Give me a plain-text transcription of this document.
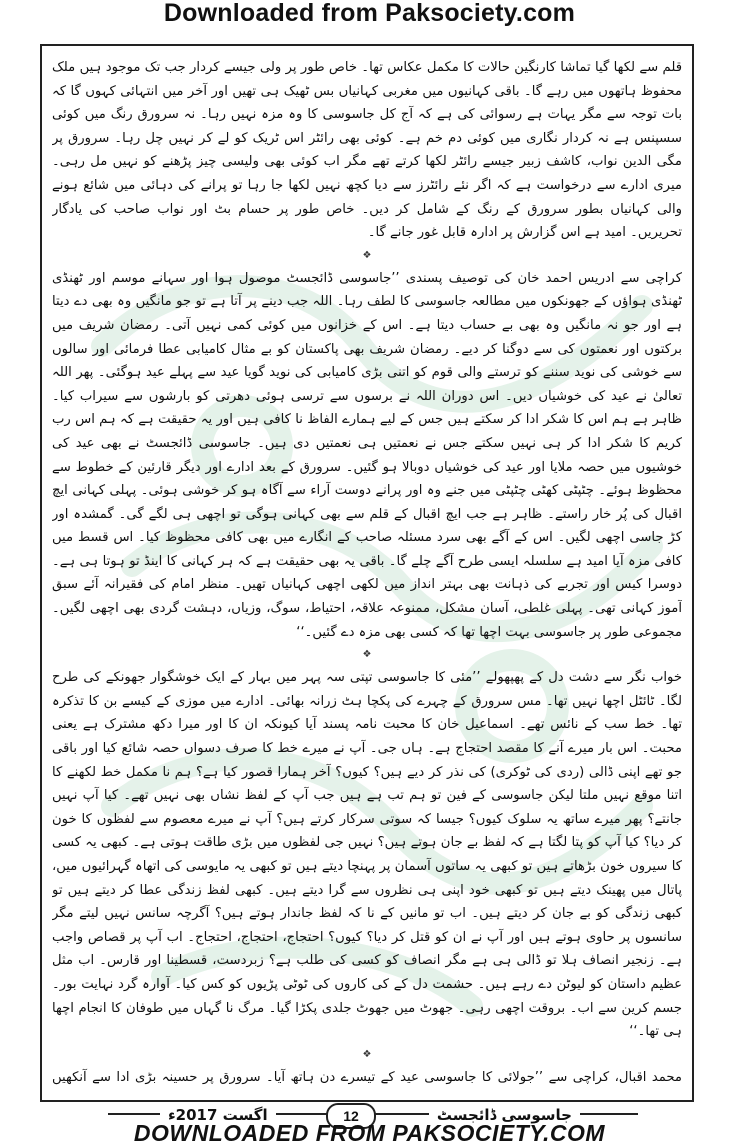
Downloaded from Paksociety.com

قلم سے لکھا گیا تماشا کارنگین حالات کا مکمل عکاس تھا۔ خاص طور پر ولی جیسے کردار جب تک موجود ہیں ملک محفوظ ہاتھوں میں رہے گا۔ باقی کہانیوں میں مغربی کہانیاں بس ٹھیک ہی تھیں اور آخر میں انتہائی کہوں گا کہ بات توجہ سے مگر یہات ہے رسوائی کی ہے کہ آج کل جاسوسی کا وہ مزہ نہیں رہا۔ نہ سرورق رنگ میں کوئی سسپنس ہے نہ کردار نگاری میں کوئی دم خم ہے۔ کوئی بھی رائٹر اس ٹریک کو لے کر نہیں چل رہا۔ سرورق پر مگی الدین نواب، کاشف زبیر جیسے رائٹر لکھا کرتے تھے مگر اب کوئی بھی ولیسی چیز پڑھنے کو نہیں مل رہی۔ میری ادارے سے درخواست ہے کہ اگر نئے رائٹرز سے دیا کچھ نہیں لکھا جا رہا تو پرانے کی دہائی میں شائع ہونے والی کہانیاں بطور سرورق کے رنگ کے شامل کر دیں۔ خاص طور پر حسام بٹ اور نواب صاحب کی یادگار تحریریں۔ امید ہے اس گزارش پر ادارہ قابل غور جانے گا۔

❖

کراچی سے ادریس احمد خان کی توصیف پسندی ’’جاسوسی ڈائجسٹ موصول ہوا اور سہانے موسم اور ٹھنڈی ٹھنڈی ہواؤں کے جھونکوں میں مطالعہ جاسوسی کا لطف رہا۔ اللہ جب دینے پر آتا ہے تو جو مانگیں وہ بھی دے دیتا ہے اور جو نہ مانگیں وہ بھی بے حساب دیتا ہے۔ اس کے خزانوں میں کوئی کمی نہیں آتی۔ رمضان شریف میں برکتوں اور نعمتوں کی سے دوگنا کر دیے۔ رمضان شریف بھی پاکستان کو بے مثال کامیابی عطا فرمائی اور سالوں سے خوشی کی نوید سننے کو ترستے والی قوم کو اتنی بڑی کامیابی کی نوید گویا عید سے پہلے عید ہوگئی۔ پھر اللہ تعالیٰ نے عید کی خوشیاں دیں۔ اس دوران اللہ نے برسوں سے ترسی ہوئی دھرتی کو بارشوں سے سیراب کیا۔ ظاہر ہے ہم اس کا شکر ادا کر سکتے ہیں جس کے لیے ہمارے الفاظ نا کافی ہیں اور یہ حقیقت ہے کہ ہم اس رب کریم کا شکر ادا کر ہی نہیں سکتے جس نے نعمتیں ہی نعمتیں دی ہیں۔ جاسوسی ڈائجسٹ نے بھی عید کی خوشیوں میں حصہ ملایا اور عید کی خوشیاں دوبالا ہو گئیں۔ سرورق کے بعد ادارے اور دیگر قارئین کے خطوط سے محظوظ ہوئے۔ چٹپٹی کھٹی چٹپٹی میں جنے وہ اور پرانے دوست آراء سے آگاہ ہو کر خوشی ہوئی۔ پہلی کہانی ایچ اقبال کی پُر خار راستے۔ ظاہر ہے جب ایچ اقبال کے قلم سے بھی کہانی ہوگی تو اچھی ہی لگے گی۔ گمشدہ اور کڑ جاسی اچھی لگیں۔ اس کے آگے بھی سرد مسئلہ صاحب کے انگارے میں بھی کافی محظوظ کیا۔ اس قسط میں کافی مزہ آیا امید ہے سلسلہ ایسی طرح آگے چلے گا۔ باقی یہ بھی حقیقت ہے کہ ہر کہانی کا اینڈ تو ہوتا ہی ہے۔ دوسرا کیس اور تجربے کی ذہانت بھی بہتر انداز میں لکھی اچھی کہانیاں تھیں۔ منظر امام کی فقیرانہ آئے سبق آموز کہانی تھی۔ پہلی غلطی، آسان مشکل، ممنوعہ علاقہ، احتیاط، سوگ، وزیاں، دہشت گردی بھی اچھی لگیں۔ مجموعی طور پر جاسوسی بہت اچھا تھا کہ کسی بھی مزہ دے گئیں۔‘‘

❖

خواب نگر سے دشت دل کے پھپھولے ’’مئی کا جاسوسی تپتی سہ پہر میں بہار کے ایک خوشگوار جھونکے کی طرح لگا۔ ٹائٹل اچھا نہیں تھا۔ مس سرورق کے چہرے کی پکچا ہٹ زرانہ بھائی۔ ادارے میں موزی کے کیسے بن کا تذکرہ تھا۔ خط سب کے نائس تھے۔ اسماعیل خان کا محبت نامہ پسند آیا کیونکہ ان کا اور میرا دکھ مشترک ہے یعنی محبت۔ اس بار میرے آنے کا مقصد احتجاج ہے۔ ہاں جی۔ آپ نے میرے خط کا صرف دسواں حصہ شائع کیا اور باقی جو تھے اپنی ڈالی (ردی کی ٹوکری) کی نذر کر دیے ہیں؟ کیوں؟ آخر ہمارا قصور کیا ہے؟ ہم نا مکمل خط لکھنے کا اتنا موقع نہیں ملتا لیکن جاسوسی کے فین تو ہم تب ہے ہیں جب آپ کے لفظ نشاں بھی نہیں تھے۔ کیا آپ نہیں جانتے؟ پھر میرے ساتھ یہ سلوک کیوں؟ جیسا کہ سوتی سرکار کرتے ہیں؟ آپ نے میرے معصوم سے لفظوں کا خون کر دیا؟ کیا آپ کو پتا لگتا ہے کہ لفظ بے جان ہوتے ہیں؟ نہیں جی لفظوں میں بڑی طاقت ہوتی ہے۔ کبھی یہ کسی کا سیروں خون بڑھاتے ہیں تو کبھی یہ ساتوں آسمان پر پہنچا دیتے ہیں تو کبھی یہ مایوسی کی اتھاہ گہرائیوں میں، پاتال میں پھینک دیتے ہیں تو کبھی خود اپنی ہی نظروں سے گرا دیتے ہیں۔ کبھی لفظ زندگی عطا کر دیتے ہیں تو کبھی زندگی کو بے جان کر دیتے ہیں۔ اب تو مانیں کے نا کہ لفظ جاندار ہوتے ہیں؟ آگرچہ سانس نہیں لیتے مگر سانسوں پر حاوی ہوتے ہیں اور آپ نے ان کو قتل کر دیا؟ کیوں؟ احتجاج، احتجاج، احتجاج۔ اب آپ پر قصاص واجب ہے۔ زنجیر انصاف ہلا تو ڈالی ہی ہے مگر انصاف کو کسی کی طلب ہے؟ زبردست، قسطینا اور قارس۔ اب مثل عظیم داستان کو لیوٹن دے رہے ہیں۔ حشمت دل کے کی کاروں کی ٹوٹی پڑیوں کو کس کیا۔ آوارہ گرد نہایت بور۔ جسم کرین سے اب۔ بروقت اچھی رہی۔ جھوٹ میں جھوٹ جلدی پکڑا گیا۔ مرگ نا گہاں میں طوفان کا انجام اچھا ہی تھا۔‘‘

❖

محمد اقبال، کراچی سے ’’جولائی کا جاسوسی عید کے تیسرے دن ہاتھ آیا۔ سرورق پر حسینہ بڑی ادا سے آنکھیں

جاسوسی ڈائجسٹ
اگست 2017ء	12
DOWNLOADED FROM PAKSOCIETY.COM
